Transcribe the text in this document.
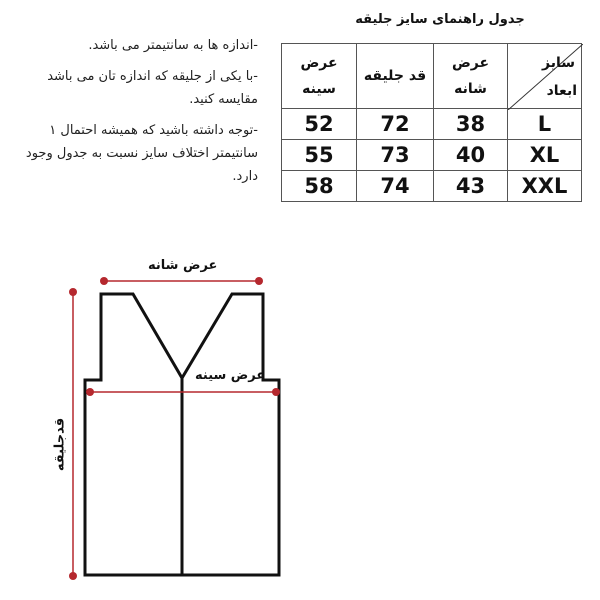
-اندازه ها به سانتیمتر می باشد.

-با یکی از جلیقه که اندازه تان می باشد مقایسه کنید.

-توجه داشته باشید که همیشه احتمال ۱ سانتیمتر اختلاف سایز نسبت به جدول وجود دارد.

جدول راهنمای سایز جلیقه
سایز
ابعاد	عرض شانه	قد جلیقه	عرض سینه
L	38	72	52
XL	40	73	55
XXL	43	74	58
عرض شانه
عرض سینه
قدجلیقه
